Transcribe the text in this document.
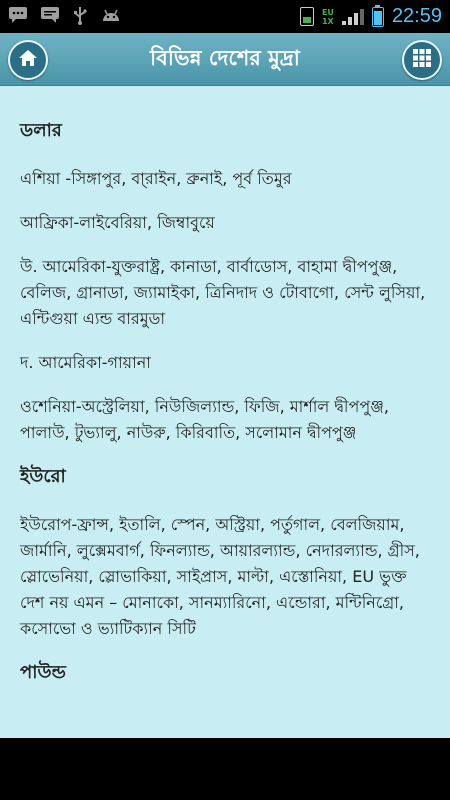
EU
1X	22:59
বিভিন্ন দেশের মুদ্রা
ডলার

এশিয়া -সিঙ্গাপুর, বা্রাইন, ব্রুনাই, পূর্ব তিমুর

আফ্রিকা-লাইবেরিয়া, জিম্বাবুয়ে

উ. আমেরিকা-যুক্তরাষ্ট্র, কানাডা, বার্বাডোস, বাহামা দ্বীপপুঞ্জ, বেলিজ, গ্রানাডা, জ্যামাইকা, ত্রিনিদাদ ও টোবাগো, সেন্ট লুসিয়া, এন্টিগুয়া এ্যন্ড বারমুডা

দ. আমেরিকা-গায়ানা

ওশেনিয়া-অস্ট্রেলিয়া, নিউজিল্যান্ড, ফিজি, মার্শাল দ্বীপপুঞ্জ, পালাউ, টুভ্যালু, নাউরু, কিরিবাতি, সলোমান দ্বীপপুঞ্জ

ইউরো

ইউরোপ-ফ্রান্স, ইতালি, স্পেন, অস্ট্রিয়া, পর্তুগাল, বেলজিয়াম, জার্মানি, লুক্সেমবার্গ, ফিনল্যান্ড, আয়ারল্যান্ড, নেদারল্যান্ড, গ্রীস, স্লোভেনিয়া, স্লোভাকিয়া, সাইপ্রাস, মাল্টা, এস্তোনিয়া, EU ভুক্ত দেশ নয় এমন – মোনাকো, সানম্যারিনো, এন্ডোরা, মন্টিনিগ্রো, কসোভো ও ভ্যাটিক্যান সিটি

পাউন্ড
